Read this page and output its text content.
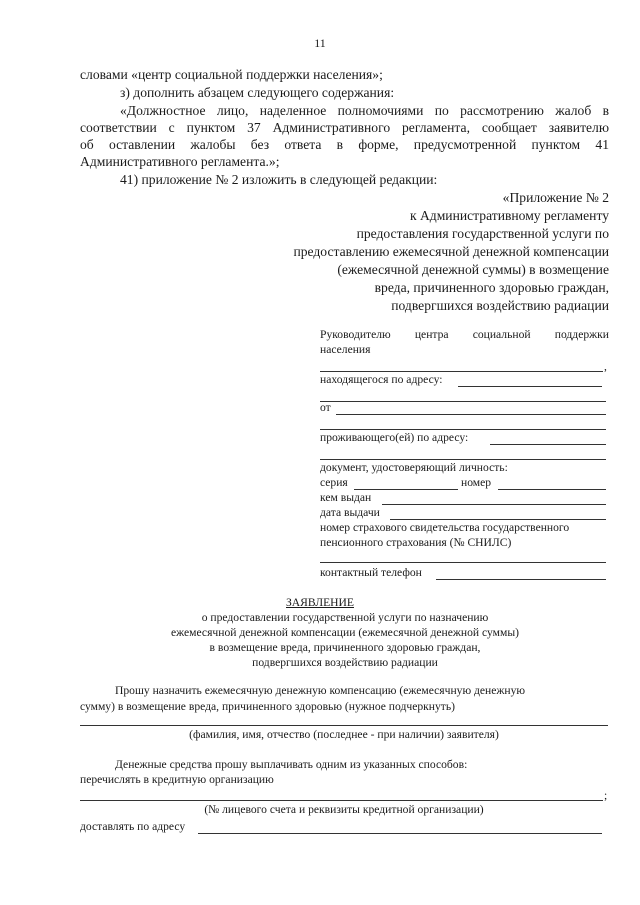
11
словами «центр социальной поддержки населения»;
з) дополнить абзацем следующего содержания:
«Должностное лицо, наделенное полномочиями по рассмотрению жалоб в
соответствии с пунктом 37 Административного регламента, сообщает заявителю
об оставлении жалобы без ответа в форме, предусмотренной пунктом 41
Административного регламента.»;
41) приложение № 2 изложить в следующей редакции:
«Приложение № 2
к Административному регламенту
предоставления государственной услуги по
предоставлению ежемесячной денежной компенсации
(ежемесячной денежной суммы) в возмещение
вреда, причиненного здоровью граждан,
подвергшихся воздействию радиации
Руководителю центра социальной поддержки
населения
,
находящегося по адресу:
от
проживающего(ей) по адресу:
документ, удостоверяющий личность:
серия	номер
кем выдан
дата выдачи
номер страхового свидетельства государственного
пенсионного страхования (№ СНИЛС)
контактный телефон
ЗАЯВЛЕНИЕ
о предоставлении государственной услуги по назначению
ежемесячной денежной компенсации (ежемесячной денежной суммы)
в возмещение вреда, причиненного здоровью граждан,
подвергшихся воздействию радиации
Прошу назначить ежемесячную денежную компенсацию (ежемесячную денежную
сумму) в возмещение вреда, причиненного здоровью (нужное подчеркнуть)
(фамилия, имя, отчество (последнее - при наличии) заявителя)
Денежные средства прошу выплачивать одним из указанных способов:
перечислять в кредитную организацию
;
(№ лицевого счета и реквизиты кредитной организации)
доставлять по адресу
